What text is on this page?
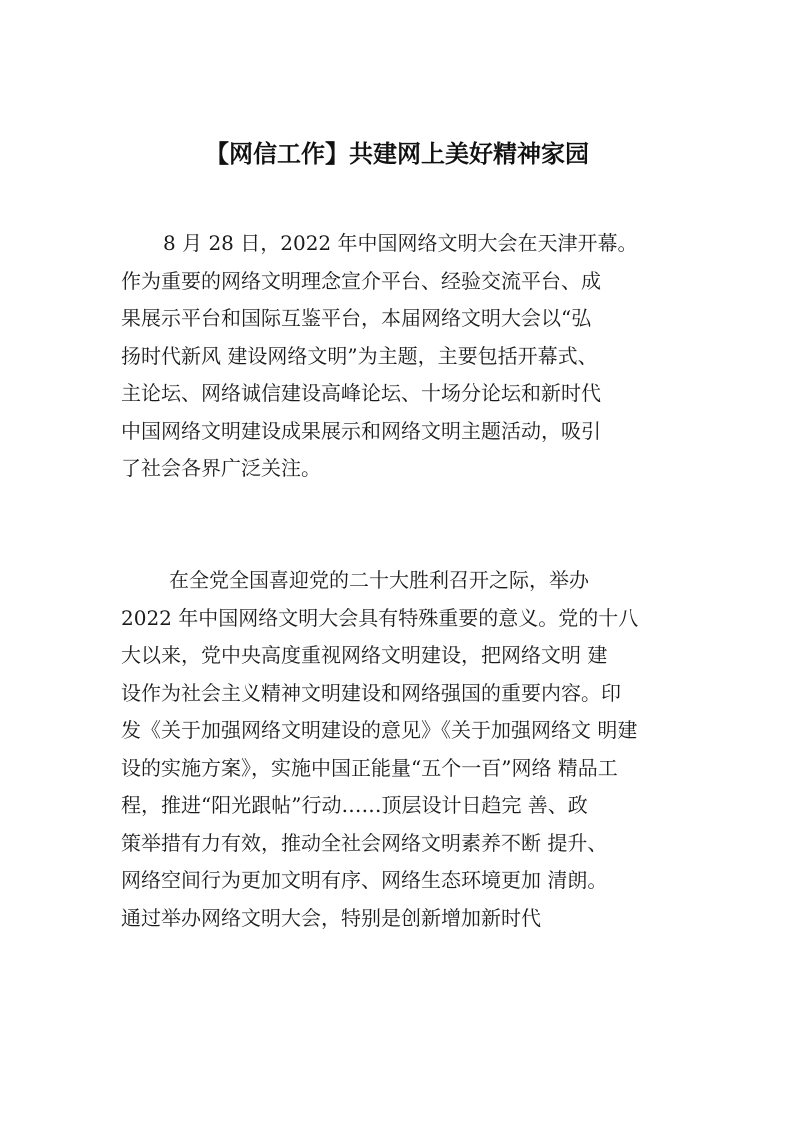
【网信工作】共建网上美好精神家园
8 月 28 日，2022 年中国网络文明大会在天津开幕。
作为重要的网络文明理念宣介平台、经验交流平台、成
果展示平台和国际互鉴平台，本届网络文明大会以“弘
扬时代新风 建设网络文明”为主题，主要包括开幕式、
主论坛、网络诚信建设高峰论坛、十场分论坛和新时代
中国网络文明建设成果展示和网络文明主题活动，吸引
了社会各界广泛关注。
在全党全国喜迎党的二十大胜利召开之际，举办
2022 年中国网络文明大会具有特殊重要的意义。党的十八
大以来，党中央高度重视网络文明建设，把网络文明 建
设作为社会主义精神文明建设和网络强国的重要内容。印
发《关于加强网络文明建设的意见》《关于加强网络文 明建
设的实施方案》，实施中国正能量“五个一百”网络 精品工
程，推进“阳光跟帖”行动……顶层设计日趋完 善、政
策举措有力有效，推动全社会网络文明素养不断 提升、
网络空间行为更加文明有序、网络生态环境更加 清朗。
通过举办网络文明大会，特别是创新增加新时代
